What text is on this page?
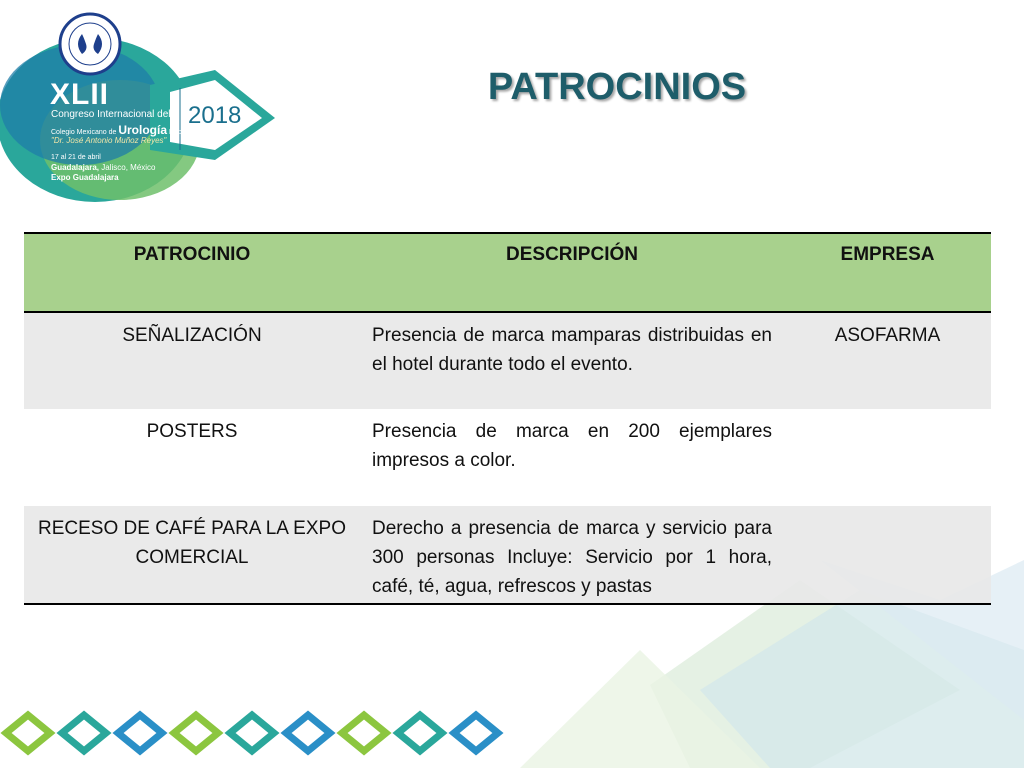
XLII
Congreso Internacional del
Colegio Mexicano de Urología Nacional
"Dr. José Antonio Muñoz Reyes"
17 al 21 de abril
Guadalajara, Jalisco, México
Expo Guadalajara
2018
PATROCINIOS
PATROCINIO	DESCRIPCIÓN	EMPRESA
SEÑALIZACIÓN	Presencia de marca mamparas distribuidas en el hotel durante todo el evento.	ASOFARMA
POSTERS	Presencia de marca en 200 ejemplares impresos a color.	
RECESO DE CAFÉ PARA LA EXPO COMERCIAL	Derecho a presencia de marca y servicio para 300 personas Incluye: Servicio por 1 hora, café, té, agua, refrescos y pastas	
